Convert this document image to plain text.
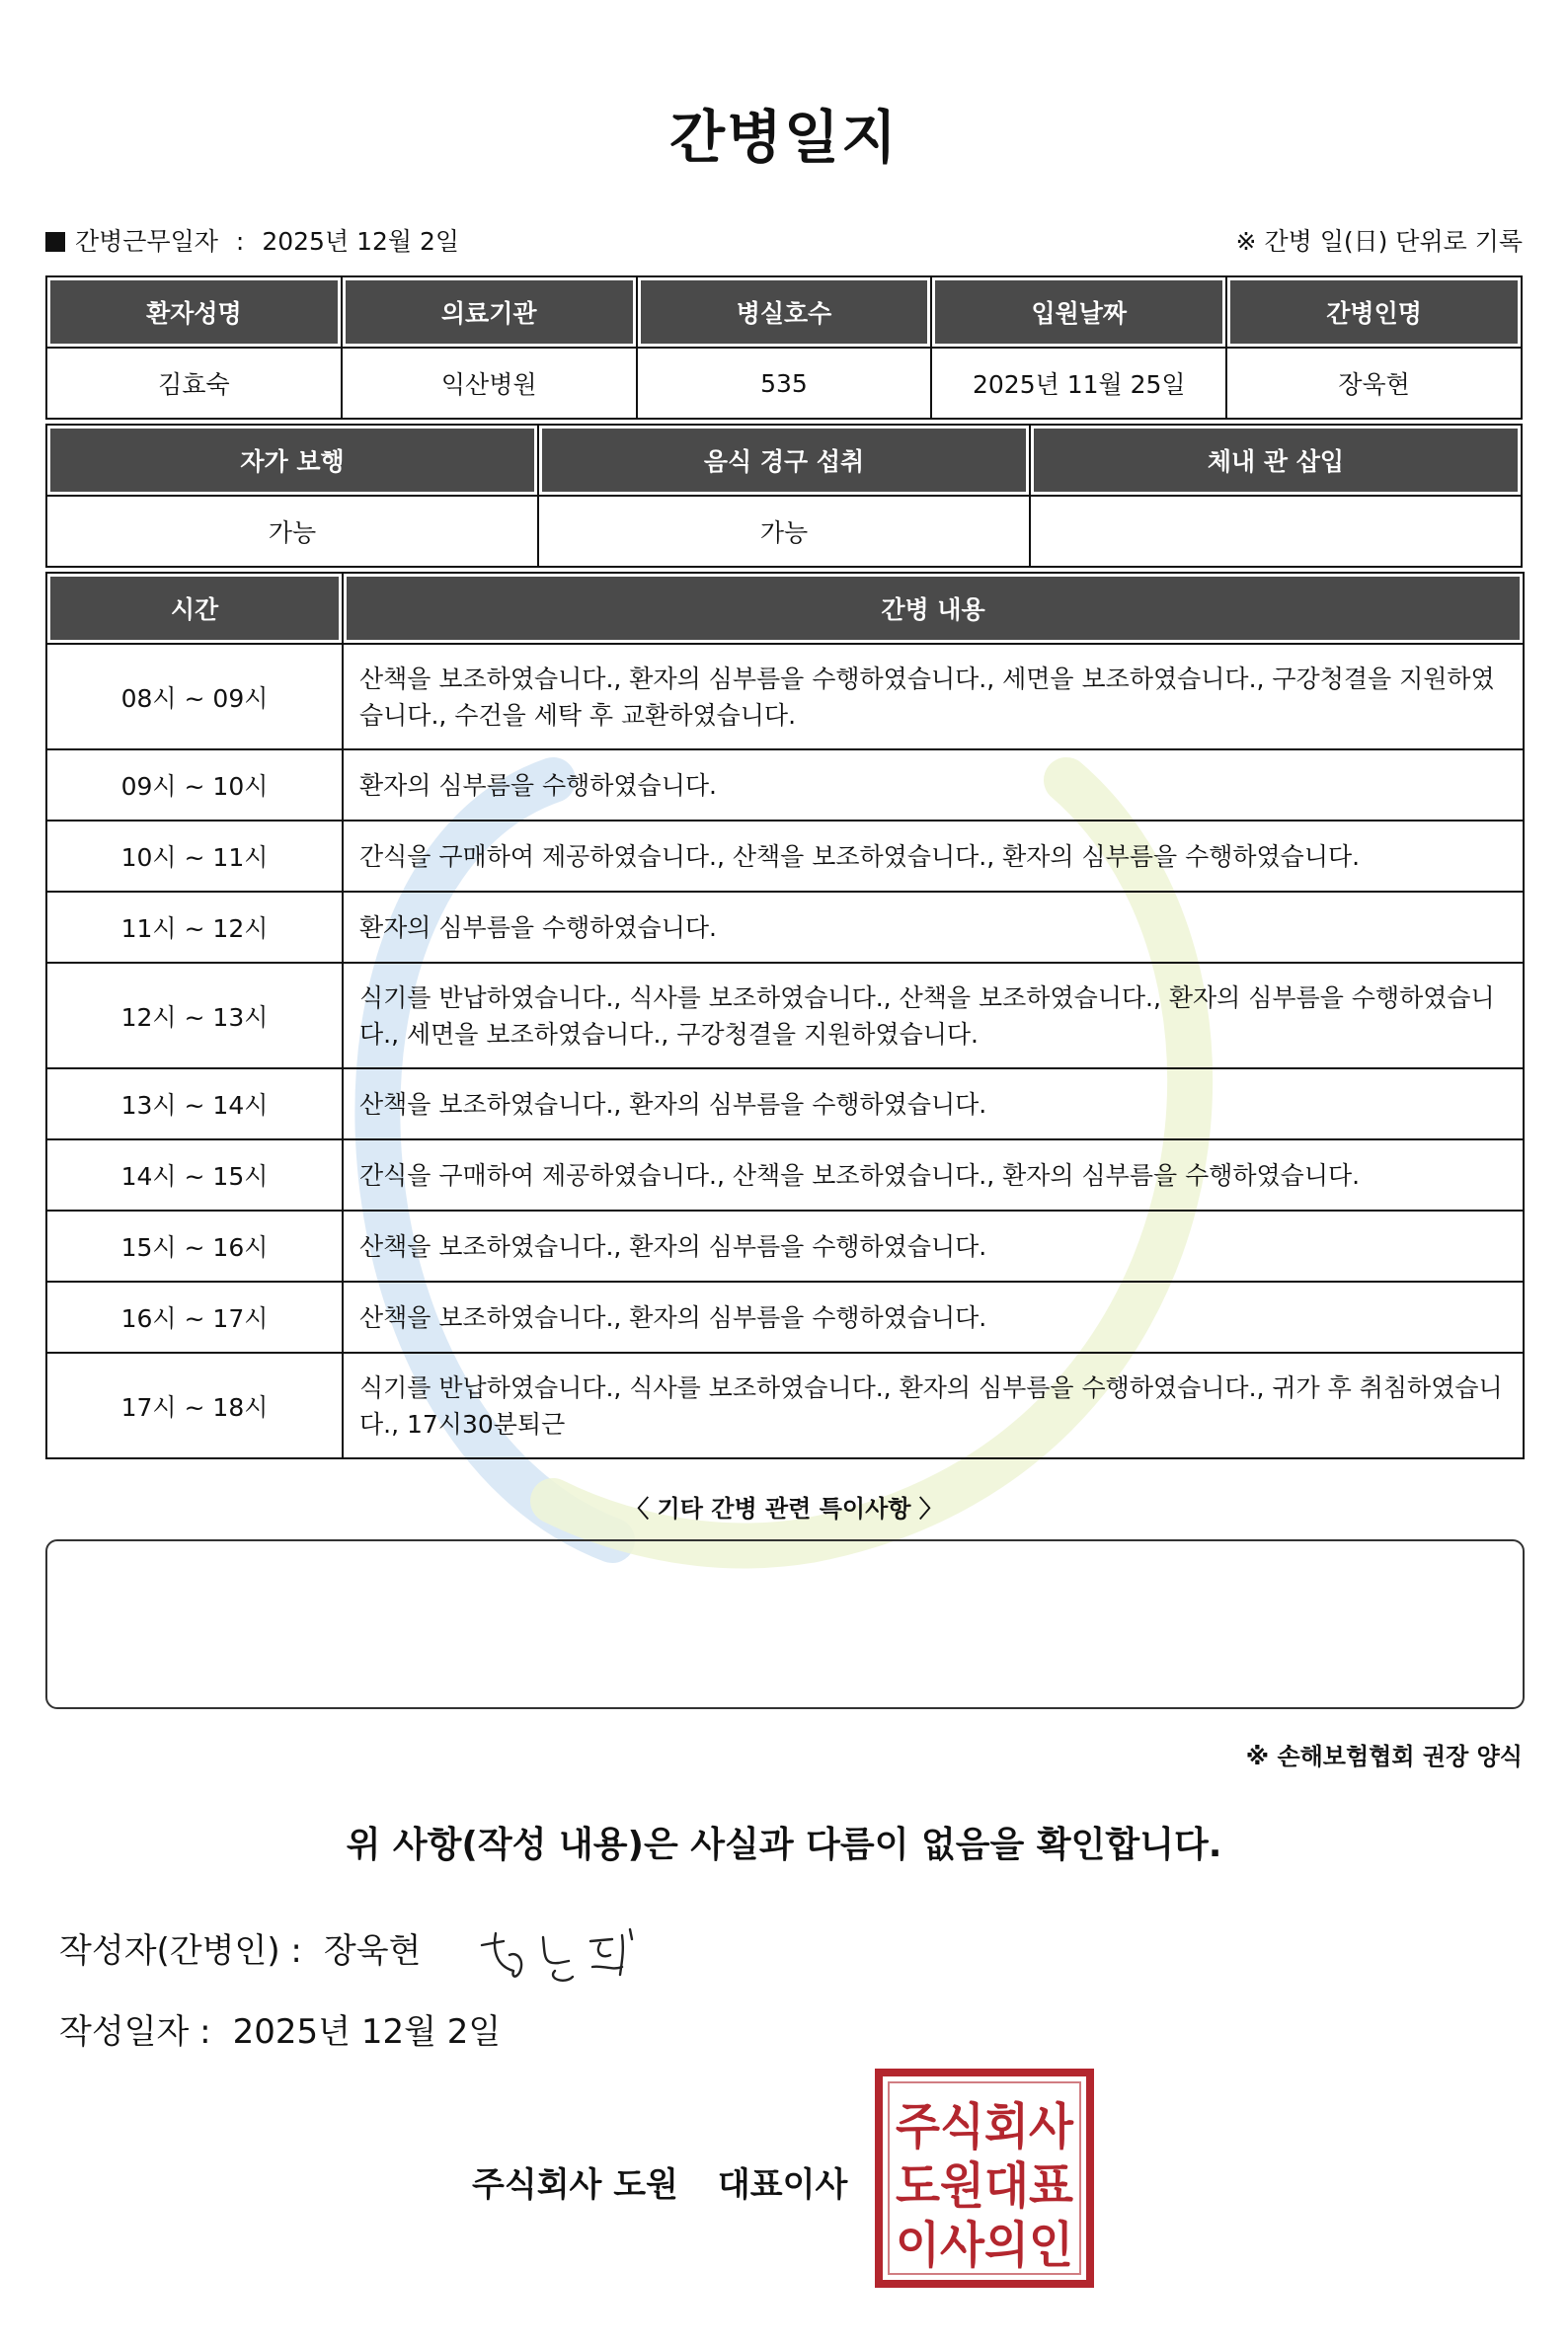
간병일지
간병근무일자 : 2025년 12월 2일	※ 간병 일(日) 단위로 기록
환자성명	의료기관	병실호수	입원날짜	간병인명
김효숙	익산병원	535	2025년 11월 25일	장욱현
자가 보행	음식 경구 섭취	체내 관 삽입
가능	가능	
시간	간병 내용
08시 ~ 09시	산책을 보조하였습니다., 환자의 심부름을 수행하였습니다., 세면을 보조하였습니다., 구강청결을 지원하였습니다., 수건을 세탁 후 교환하였습니다.
09시 ~ 10시	환자의 심부름을 수행하였습니다.
10시 ~ 11시	간식을 구매하여 제공하였습니다., 산책을 보조하였습니다., 환자의 심부름을 수행하였습니다.
11시 ~ 12시	환자의 심부름을 수행하였습니다.
12시 ~ 13시	식기를 반납하였습니다., 식사를 보조하였습니다., 산책을 보조하였습니다., 환자의 심부름을 수행하였습니다., 세면을 보조하였습니다., 구강청결을 지원하였습니다.
13시 ~ 14시	산책을 보조하였습니다., 환자의 심부름을 수행하였습니다.
14시 ~ 15시	간식을 구매하여 제공하였습니다., 산책을 보조하였습니다., 환자의 심부름을 수행하였습니다.
15시 ~ 16시	산책을 보조하였습니다., 환자의 심부름을 수행하였습니다.
16시 ~ 17시	산책을 보조하였습니다., 환자의 심부름을 수행하였습니다.
17시 ~ 18시	식기를 반납하였습니다., 식사를 보조하였습니다., 환자의 심부름을 수행하였습니다., 귀가 후 취침하였습니다., 17시30분퇴근
〈 기타 간병 관련 특이사항 〉
※ 손해보험협회 권장 양식
위 사항(작성 내용)은 사실과 다름이 없음을 확인합니다.
작성자(간병인) : 장욱현
작성일자 : 2025년 12월 2일
주식회사 도원 대표이사
주식회사
도원대표
이사의인
